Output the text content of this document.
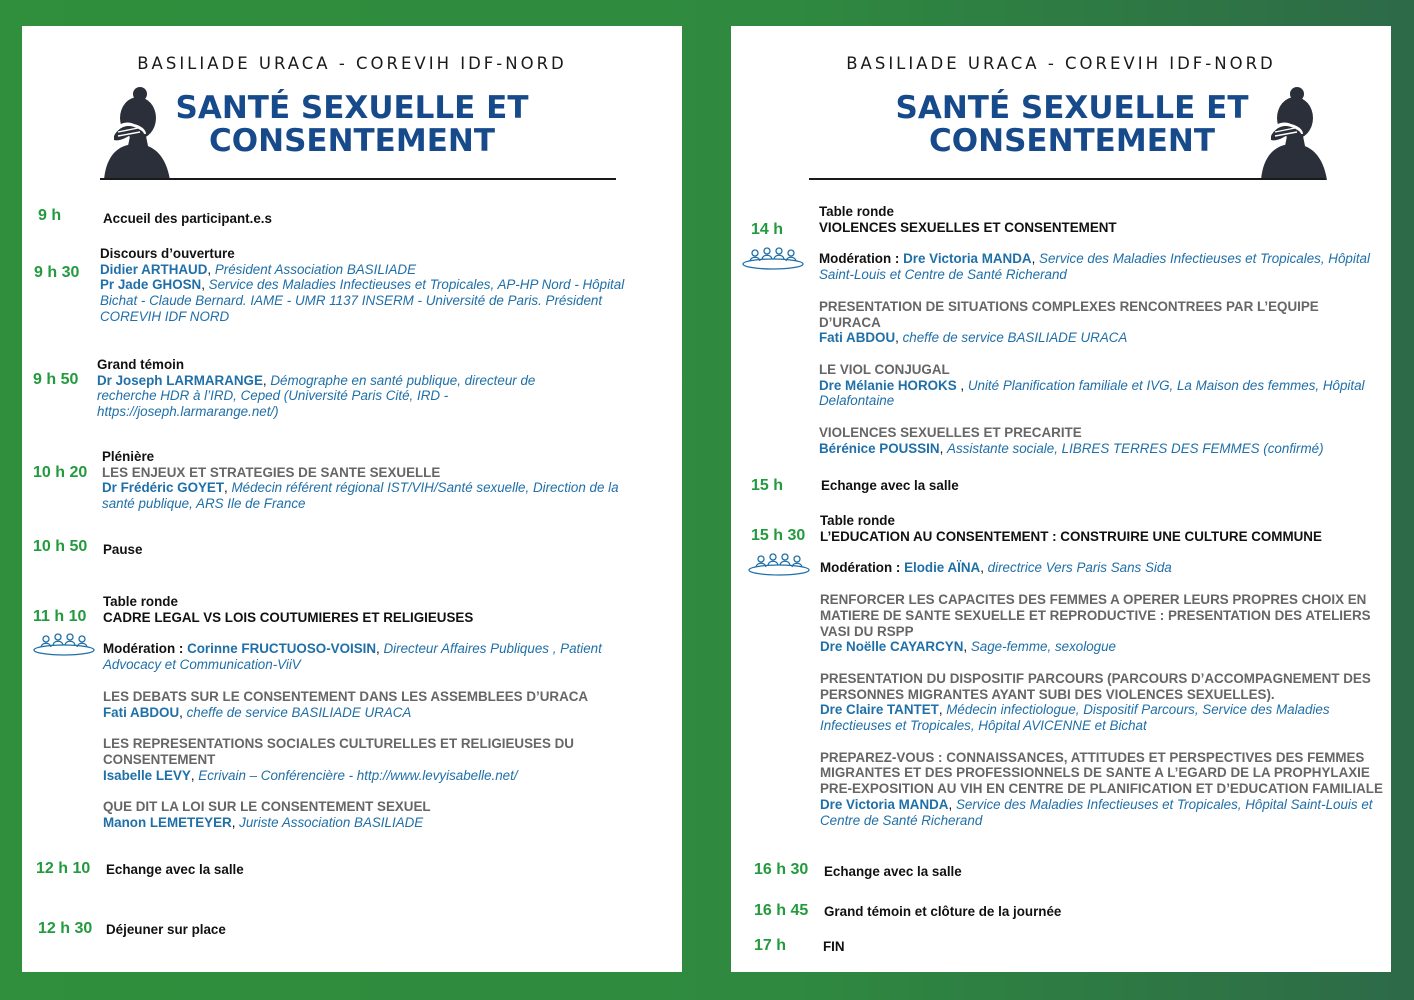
BASILIADE URACA - COREVIH IDF-NORD
SANTÉ SEXUELLE ET
CONSENTEMENT
9 h	Accueil des participant.e.s
9 h 30
Discours d’ouverture
Didier ARTHAUD, Président Association BASILIADE
Pr Jade GHOSN, Service des Maladies Infectieuses et Tropicales, AP-HP Nord - Hôpital Bichat - Claude Bernard. IAME - UMR 1137 INSERM - Université de Paris. Président COREVIH IDF NORD
9 h 50
Grand témoin
Dr Joseph LARMARANGE, Démographe en santé publique, directeur de recherche HDR à l’IRD, Ceped (Université Paris Cité, IRD - https://joseph.larmarange.net/)
10 h 20
Plénière
LES ENJEUX ET STRATEGIES DE SANTE SEXUELLE
Dr Frédéric GOYET, Médecin référent régional IST/VIH/Santé sexuelle, Direction de la santé publique, ARS Ile de France
10 h 50 Pause
11 h 10
Table ronde
CADRE LEGAL VS LOIS COUTUMIERES ET RELIGIEUSES
Modération : Corinne FRUCTUOSO-VOISIN, Directeur Affaires Publiques , Patient Advocacy et Communication-ViiV
LES DEBATS SUR LE CONSENTEMENT DANS LES ASSEMBLEES D’URACA
Fati ABDOU, cheffe de service BASILIADE URACA
LES REPRESENTATIONS SOCIALES CULTURELLES ET RELIGIEUSES DU CONSENTEMENT
Isabelle LEVY, Ecrivain – Conférencière - http://www.levyisabelle.net/
QUE DIT LA LOI SUR LE CONSENTEMENT SEXUEL
Manon LEMETEYER, Juriste Association BASILIADE
12 h 10 Echange avec la salle
12 h 30 Déjeuner sur place
BASILIADE URACA - COREVIH IDF-NORD
SANTÉ SEXUELLE ET
CONSENTEMENT
14 h
Table ronde
VIOLENCES SEXUELLES ET CONSENTEMENT
Modération : Dre Victoria MANDA, Service des Maladies Infectieuses et Tropicales, Hôpital Saint-Louis et Centre de Santé Richerand
PRESENTATION DE SITUATIONS COMPLEXES RENCONTREES PAR L’EQUIPE D’URACA
Fati ABDOU, cheffe de service BASILIADE URACA
LE VIOL CONJUGAL
Dre Mélanie HOROKS , Unité Planification familiale et IVG, La Maison des femmes, Hôpital Delafontaine
VIOLENCES SEXUELLES ET PRECARITE
Bérénice POUSSIN, Assistante sociale, LIBRES TERRES DES FEMMES (confirmé)
15 h	Echange avec la salle
15 h 30
Table ronde
L’EDUCATION AU CONSENTEMENT : CONSTRUIRE UNE CULTURE COMMUNE
Modération : Elodie AÏNA, directrice Vers Paris Sans Sida
RENFORCER LES CAPACITES DES FEMMES A OPERER LEURS PROPRES CHOIX EN MATIERE DE SANTE SEXUELLE ET REPRODUCTIVE : PRESENTATION DES ATELIERS VASI DU RSPP
Dre Noëlle CAYARCYN, Sage-femme, sexologue
PRESENTATION DU DISPOSITIF PARCOURS (PARCOURS D’ACCOMPAGNEMENT DES PERSONNES MIGRANTES AYANT SUBI DES VIOLENCES SEXUELLES).
Dre Claire TANTET, Médecin infectiologue, Dispositif Parcours, Service des Maladies Infectieuses et Tropicales, Hôpital AVICENNE et Bichat
PREPAREZ-VOUS : CONNAISSANCES, ATTITUDES ET PERSPECTIVES DES FEMMES MIGRANTES ET DES PROFESSIONNELS DE SANTE A L’EGARD DE LA PROPHYLAXIE PRE-EXPOSITION AU VIH EN CENTRE DE PLANIFICATION ET D’EDUCATION FAMILIALE
Dre Victoria MANDA, Service des Maladies Infectieuses et Tropicales, Hôpital Saint-Louis et Centre de Santé Richerand
16 h 30 Echange avec la salle
16 h 45 Grand témoin et clôture de la journée
17 h	FIN
